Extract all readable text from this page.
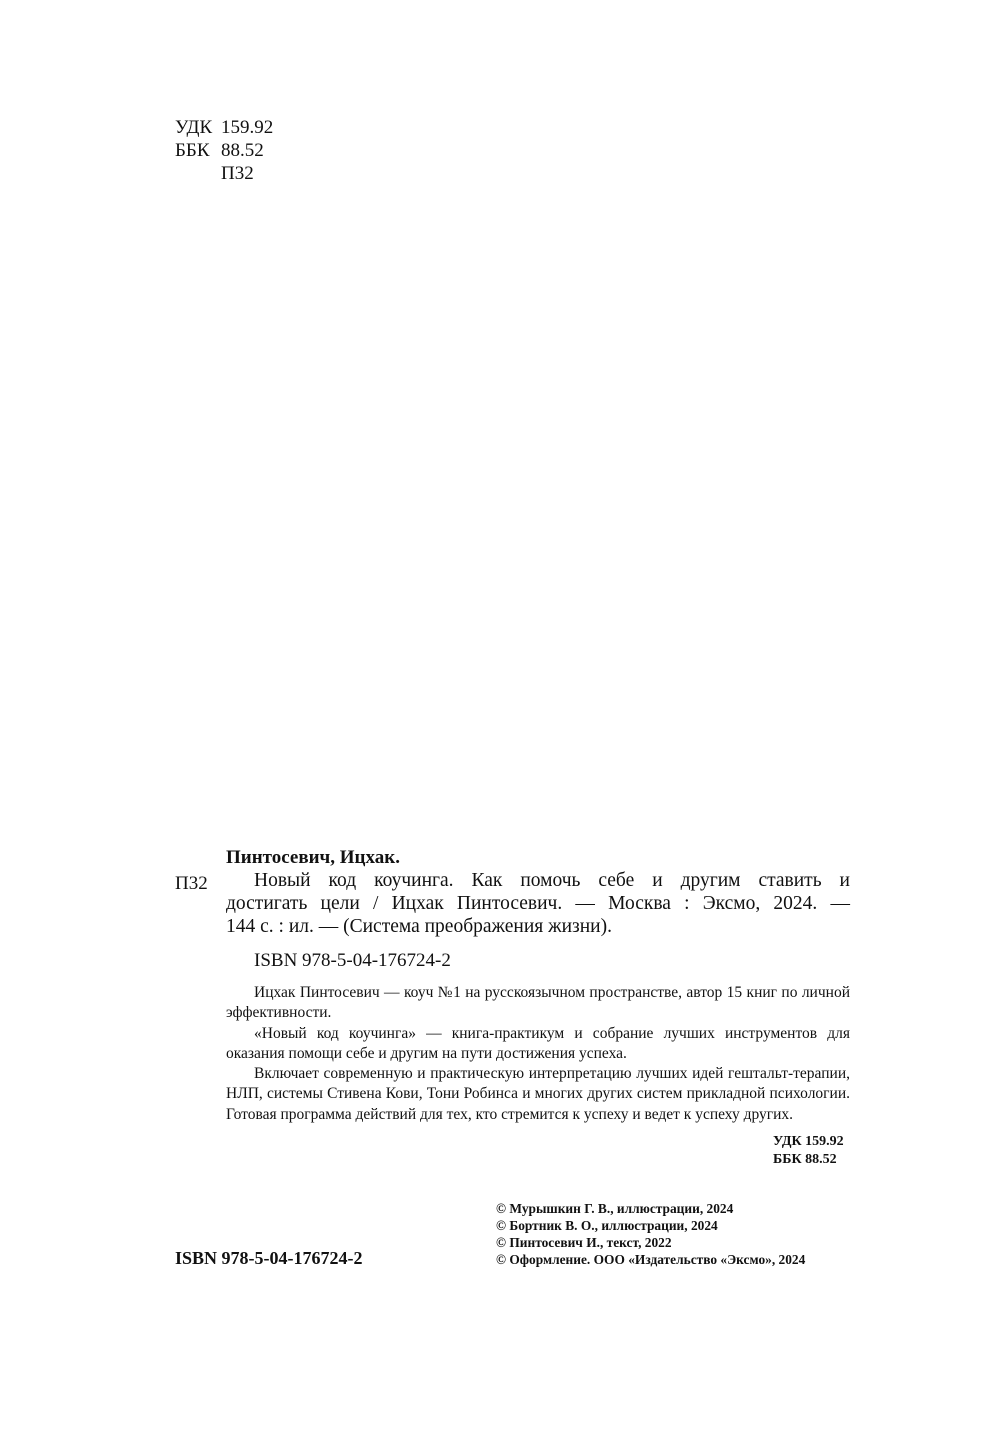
УДК 159.92
ББК 88.52
П32
Пинтосевич, Ицхак.
П32	Новый код коучинга. Как помочь себе и другим ставить и

достигать цели / Ицхак Пинтосевич. — Москва : Эксмо, 2024. —

144 с. : ил. — (Система преображения жизни).

ISBN 978-5-04-176724-2

Ицхак Пинтосевич — коуч №1 на русскоязычном пространстве, автор 15 книг по личной эффективности.

«Новый код коучинга» — книга-практикум и собрание лучших инструментов для оказания помощи себе и другим на пути достижения успеха.

Включает современную и практическую интерпретацию лучших идей гештальт-терапии, НЛП, системы Стивена Кови, Тони Робинса и многих других систем прикладной психологии. Готовая программа действий для тех, кто стремится к успеху и ведет к успеху других.

УДК 159.92
ББК 88.52
© Мурышкин Г. В., иллюстрации, 2024
© Бортник В. О., иллюстрации, 2024
© Пинтосевич И., текст, 2022
© Оформление. ООО «Издательство «Эксмо», 2024
ISBN 978-5-04-176724-2
